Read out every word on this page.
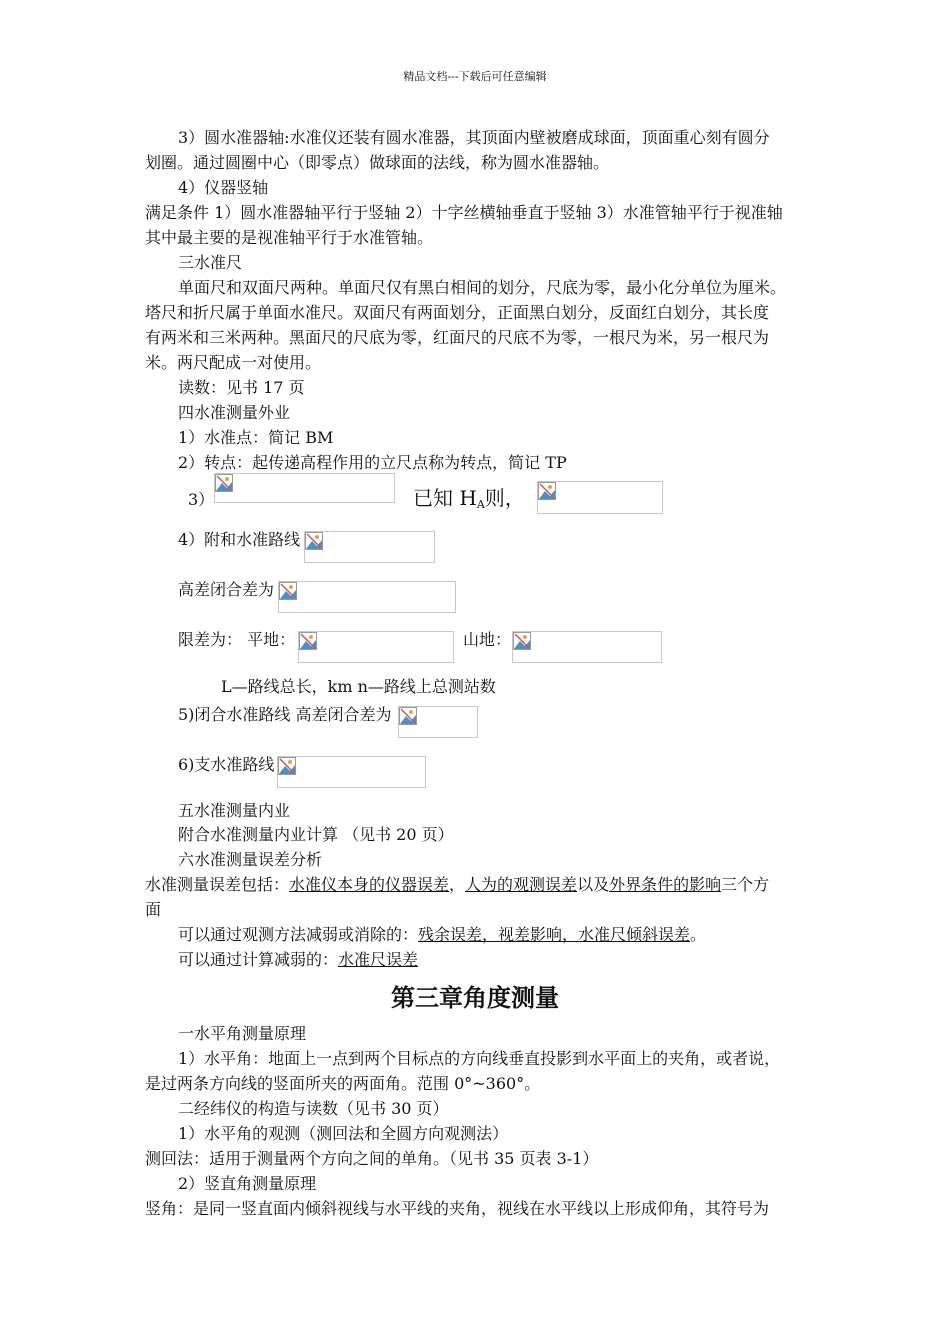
精品文档---下载后可任意编辑

3）圆水准器轴:水准仪还装有圆水准器，其顶面内壁被磨成球面，顶面重心刻有圆分

划圈。通过圆圈中心（即零点）做球面的法线，称为圆水准器轴。

4）仪器竖轴

满足条件 1）圆水准器轴平行于竖轴 2）十字丝横轴垂直于竖轴 3）水准管轴平行于视准轴

其中最主要的是视准轴平行于水准管轴。

三水准尺

单面尺和双面尺两种。单面尺仅有黑白相间的划分，尺底为零，最小化分单位为厘米。

塔尺和折尺属于单面水准尺。双面尺有两面划分，正面黑白划分，反面红白划分，其长度

有两米和三米两种。黑面尺的尺底为零，红面尺的尺底不为零，一根尺为米，另一根尺为

米。两尺配成一对使用。

读数：见书 17 页

四水准测量外业

1）水准点：简记 BM

2）转点：起传递高程作用的立尺点称为转点，简记 TP

3）	已知 $H_A$则，

4）附和水准路线

高差闭合差为

限差为： 平地：	山地：

L—路线总长，km n—路线上总测站数

5)闭合水准路线 高差闭合差为

6)支水准路线

五水准测量内业

附合水准测量内业计算 （见书 20 页）

六水准测量误差分析

水准测量误差包括：水准仪本身的仪器误差，人为的观测误差以及外界条件的影响三个方

面

可以通过观测方法减弱或消除的：残余误差，视差影响，水准尺倾斜误差。

可以通过计算减弱的：水准尺误差

第三章角度测量

一水平角测量原理

1）水平角：地面上一点到两个目标点的方向线垂直投影到水平面上的夹角，或者说，

是过两条方向线的竖面所夹的两面角。范围 0°~360°。

二经纬仪的构造与读数（见书 30 页）

1）水平角的观测（测回法和全圆方向观测法）

测回法：适用于测量两个方向之间的单角。（见书 35 页表 3-1）

2）竖直角测量原理

竖角：是同一竖直面内倾斜视线与水平线的夹角，视线在水平线以上形成仰角，其符号为
